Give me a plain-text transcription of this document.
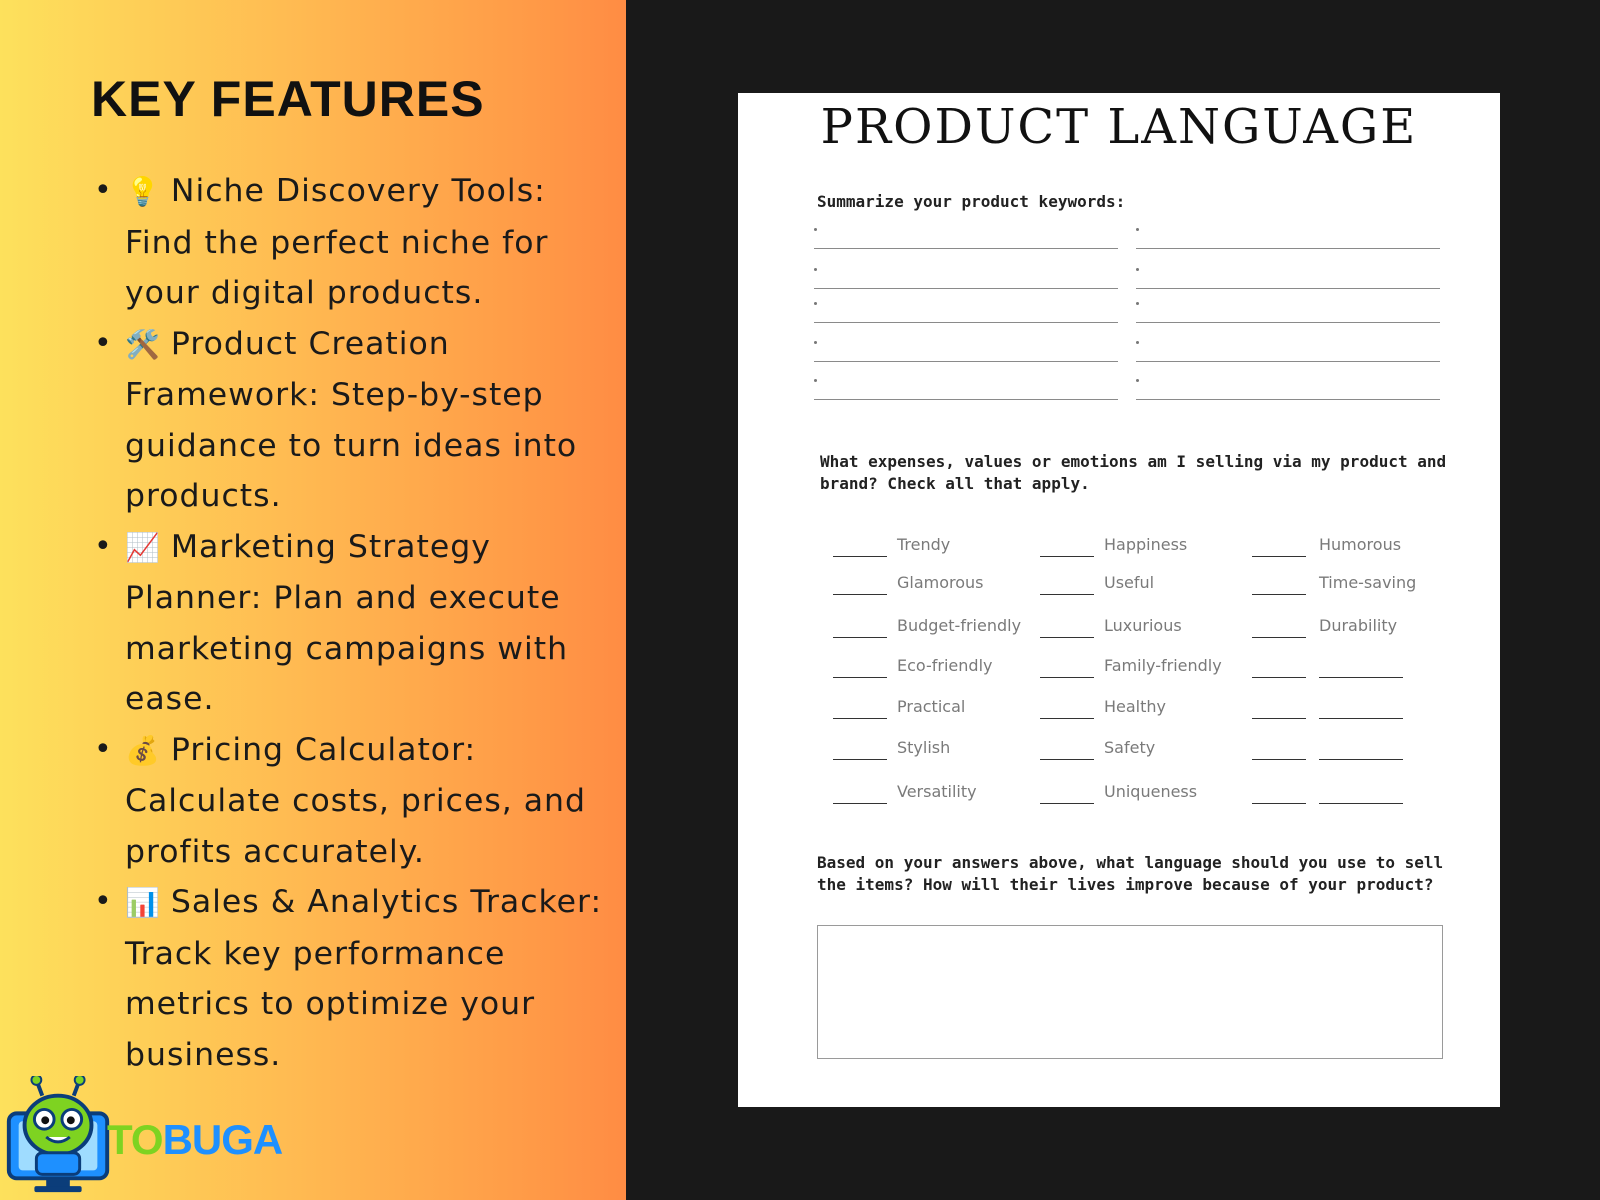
KEY FEATURES
• 💡 Niche Discovery Tools: Find the perfect niche for your digital products.
• 🛠️ Product Creation Framework: Step-by-step guidance to turn ideas into products.
• 📈 Marketing Strategy Planner: Plan and execute marketing campaigns with ease.
• 💰 Pricing Calculator: Calculate costs, prices, and profits accurately.
• 📊 Sales & Analytics Tracker: Track key performance metrics to optimize your business.
TOBUGA
PRODUCT LANGUAGE

Summarize your product keywords:

What expenses, values or emotions am I selling via my product and brand? Check all that apply.

Trendy
Glamorous
Budget-friendly
Eco-friendly
Practical
Stylish
Versatility
Happiness
Useful
Luxurious
Family-friendly
Healthy
Safety
Uniqueness
Humorous
Time-saving
Durability

Based on your answers above, what language should you use to sell the items? How will their lives improve because of your product?
